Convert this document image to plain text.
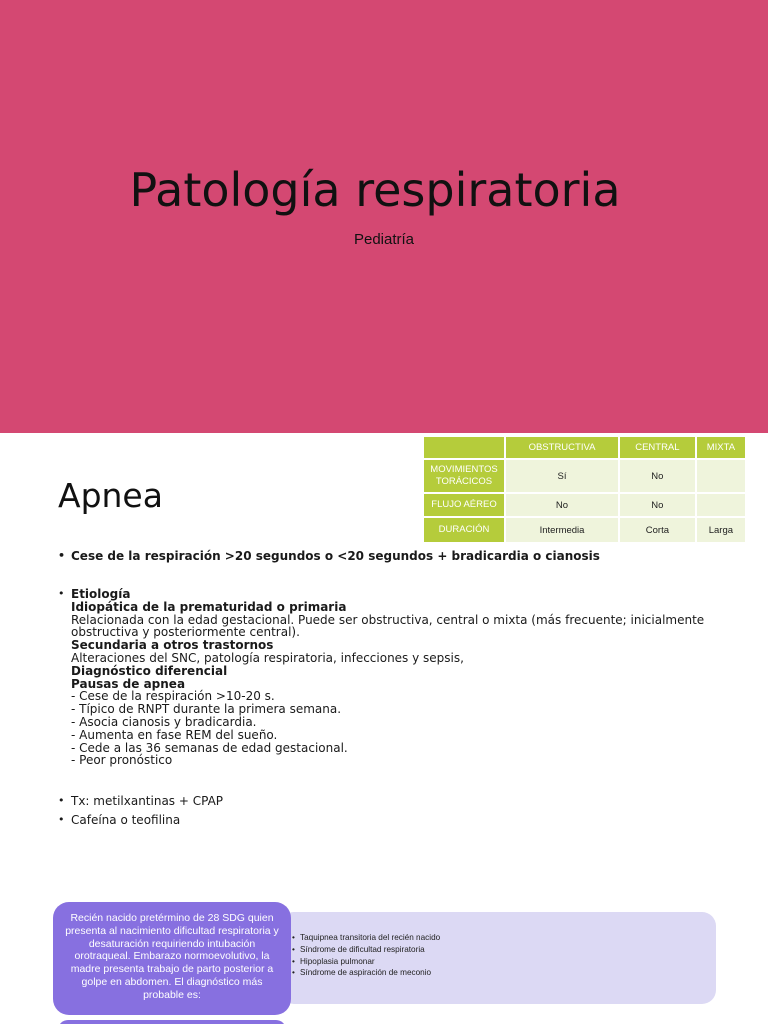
Patología respiratoria
Pediatría
Apnea
	OBSTRUCTIVA	CENTRAL	MIXTA
MOVIMIENTOS TORÁCICOS	Sí	No	
FLUJO AÉREO	No	No	
DURACIÓN	Intermedia	Corta	Larga
• Cese de la respiración >20 segundos o <20 segundos + bradicardia o cianosis
• Etiología
Idiopática de la prematuridad o primaria
Relacionada con la edad gestacional. Puede ser obstructiva, central o mixta (más frecuente; inicialmente obstructiva y posteriormente central).
Secundaria a otros trastornos
Alteraciones del SNC, patología respiratoria, infecciones y sepsis,
Diagnóstico diferencial
Pausas de apnea
- Cese de la respiración >10-20 s.
- Típico de RNPT durante la primera semana.
- Asocia cianosis y bradicardia.
- Aumenta en fase REM del sueño.
- Cede a las 36 semanas de edad gestacional.
- Peor pronóstico
• Tx: metilxantinas + CPAP
• Cafeína o teofilina
Recién nacido pretérmino de 28 SDG quien presenta al nacimiento dificultad respiratoria y desaturación requiriendo intubación orotraqueal. Embarazo normoevolutivo, la madre presenta trabajo de parto posterior a golpe en abdomen. El diagnóstico más probable es:
• Taquipnea transitoria del recién nacido
• Síndrome de dificultad respiratoria
• Hipoplasia pulmonar
• Síndrome de aspiración de meconio
